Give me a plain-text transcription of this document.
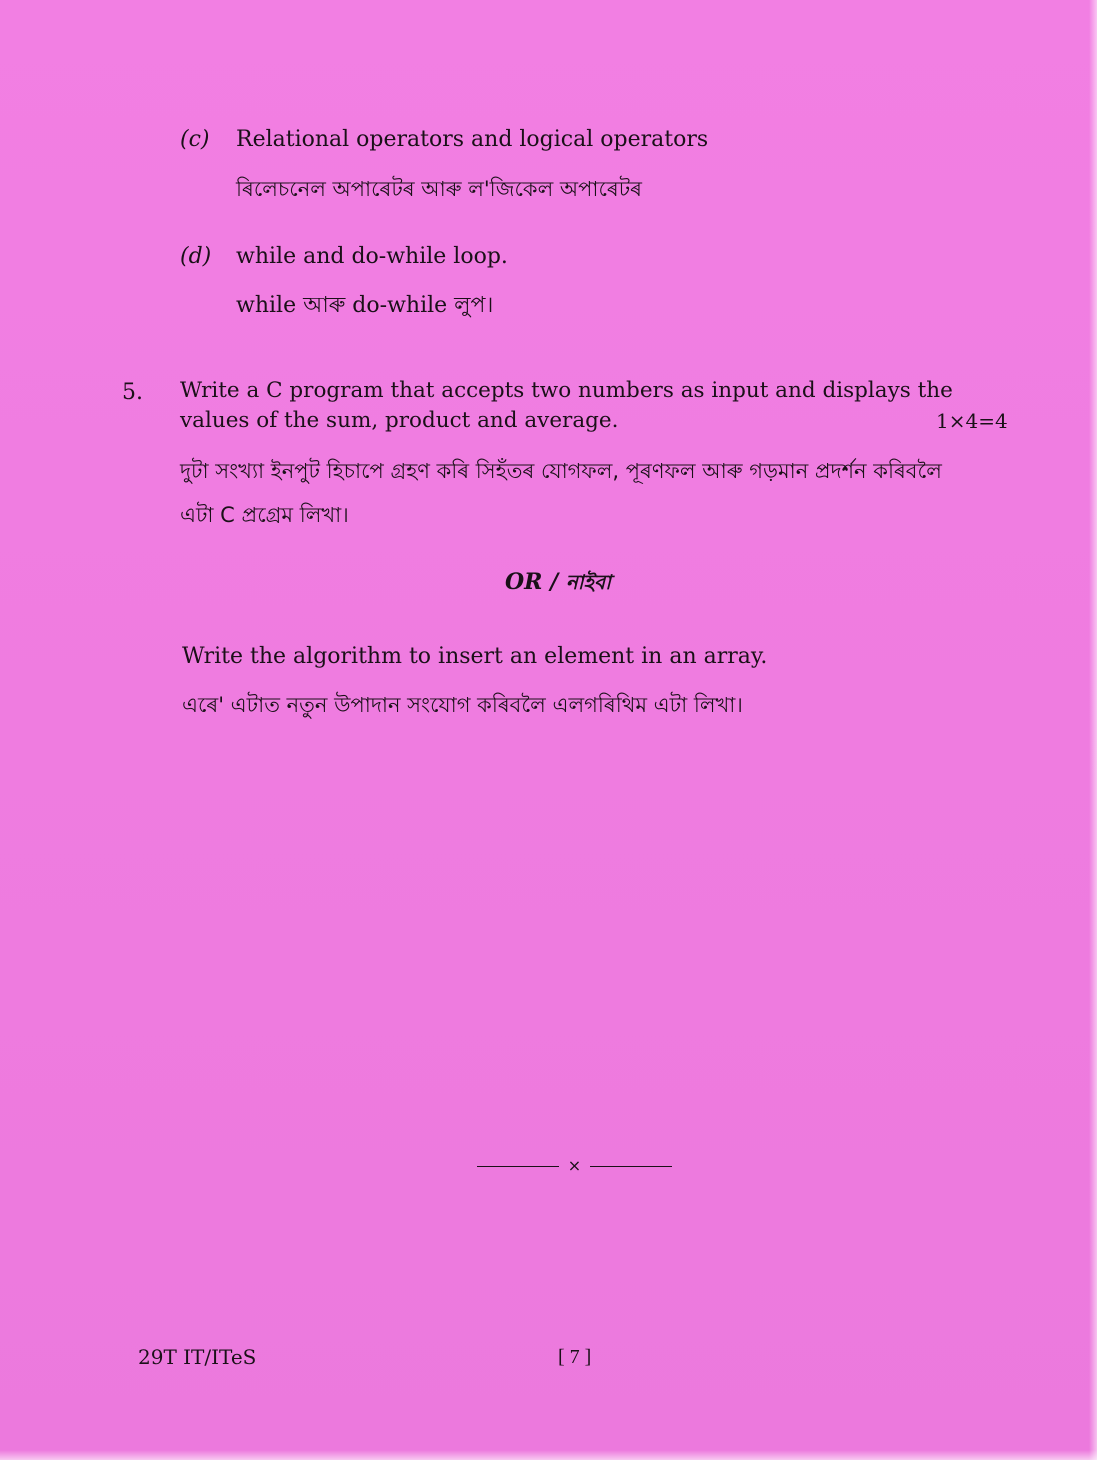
(c) Relational operators and logical operators
ৰিলেচনেল অপাৰেটৰ আৰু ল'জিকেল অপাৰেটৰ
(d) while and do-while loop.
while আৰু do-while লুপ।
5. Write a C program that accepts two numbers as input and displays the
values of the sum, product and average.	1×4=4
দুটা সংখ্যা ইনপুট হিচাপে গ্ৰহণ কৰি সিহঁতৰ যোগফল, পূৰণফল আৰু গড়মান প্ৰদৰ্শন কৰিবলৈ
এটা C প্ৰগ্ৰেম লিখা।
OR / নাইবা
Write the algorithm to insert an element in an array.
এৰে' এটাত নতুন উপাদান সংযোগ কৰিবলৈ এলগৰিথিম এটা লিখা।
×
29T IT/ITeS	[ 7 ]
